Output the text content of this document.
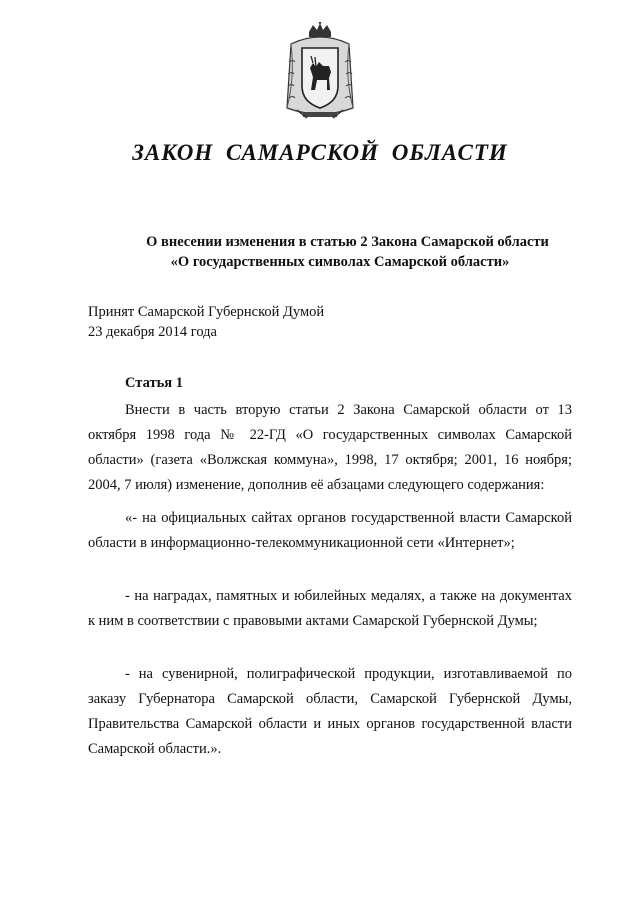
ЗАКОН САМАРСКОЙ ОБЛАСТИ
О внесении изменения в статью 2 Закона Самарской области
«О государственных символах Самарской области»
Принят Самарской Губернской Думой
23 декабря 2014 года
Статья 1
Внести в часть вторую статьи 2 Закона Самарской области от 13 октября 1998 года № 22-ГД «О государственных символах Самарской области» (газета «Волжская коммуна», 1998, 17 октября; 2001, 16 ноября; 2004, 7 июля) изменение, дополнив её абзацами следующего содержания:
«- на официальных сайтах органов государственной власти Самарской области в информационно-телекоммуникационной сети «Интернет»;
- на наградах, памятных и юбилейных медалях, а также на документах к ним в соответствии с правовыми актами Самарской Губернской Думы;
- на сувенирной, полиграфической продукции, изготавливаемой по заказу Губернатора Самарской области, Самарской Губернской Думы, Правительства Самарской области и иных органов государственной власти Самарской области.».
